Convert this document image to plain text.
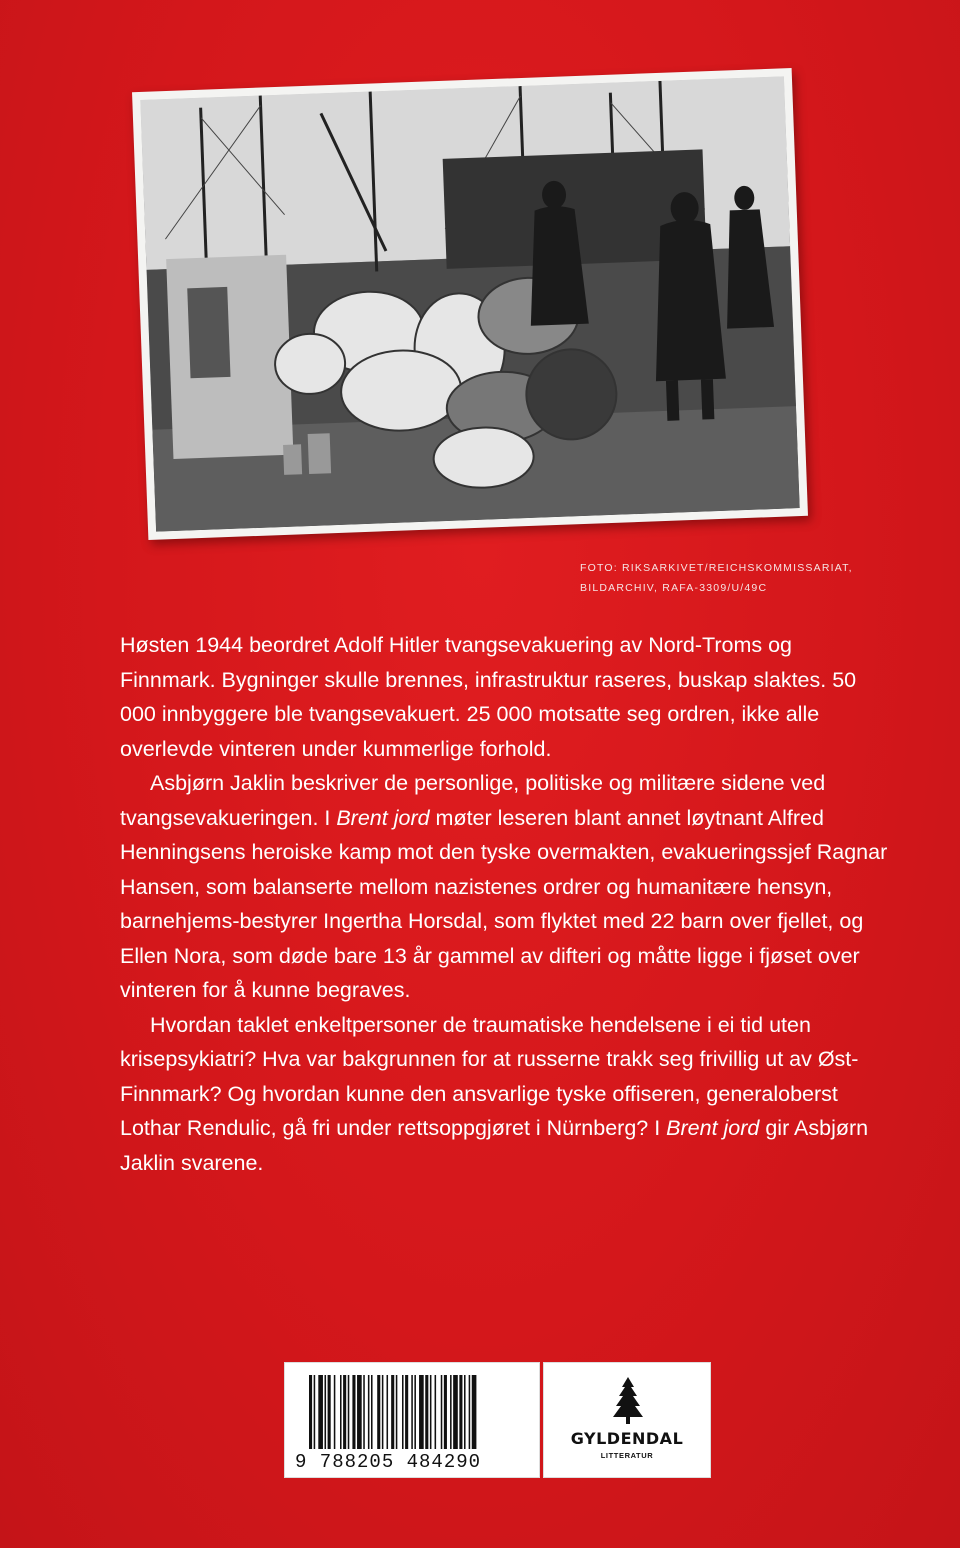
FOTO: RIKSARKIVET/REICHSKOMMISSARIAT,
BILDARCHIV, RAFA-3309/U/49C

Høsten 1944 beordret Adolf Hitler tvangsevakuering av Nord-Troms og Finnmark. Bygninger skulle brennes, infrastruktur raseres, buskap slaktes. 50 000 innbyggere ble tvangsevakuert. 25 000 motsatte seg ordren, ikke alle overlevde vinteren under kummerlige forhold.

Asbjørn Jaklin beskriver de personlige, politiske og militære sidene ved tvangsevakueringen. I Brent jord møter leseren blant annet løytnant Alfred Henningsens heroiske kamp mot den tyske overmakten, evakueringssjef Ragnar Hansen, som balanserte mellom nazistenes ordrer og humanitære hensyn, barnehjems-bestyrer Ingertha Horsdal, som flyktet med 22 barn over fjellet, og Ellen Nora, som døde bare 13 år gammel av difteri og måtte ligge i fjøset over vinteren for å kunne begraves.

Hvordan taklet enkeltpersoner de traumatiske hendelsene i ei tid uten krisepsykiatri? Hva var bakgrunnen for at russerne trakk seg frivillig ut av Øst-Finnmark? Og hvordan kunne den ansvarlige tyske offiseren, generaloberst Lothar Rendulic, gå fri under rettsoppgjøret i Nürnberg? I Brent jord gir Asbjørn Jaklin svarene.

9 788205 484290
GYLDENDAL
LITTERATUR
